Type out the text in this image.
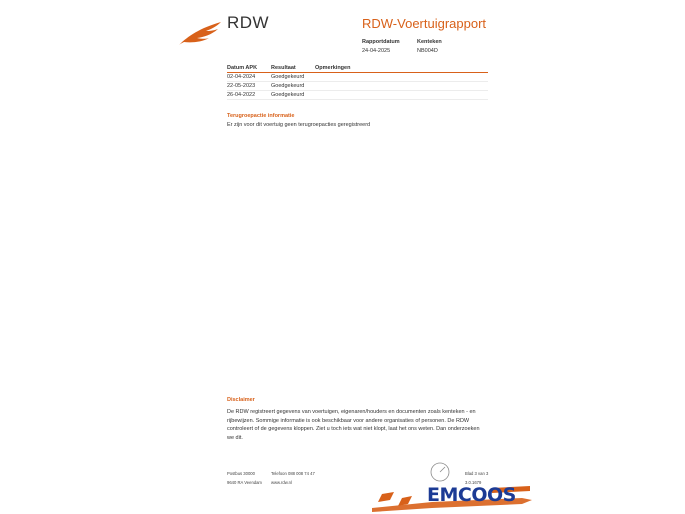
RDW	RDW-Voertuigrapport
Rapportdatum
24-04-2025
Kenteken
NB004D
Datum APK	Resultaat	Opmerkingen
02-04-2024	Goedgekeurd	
22-05-2023	Goedgekeurd	
26-04-2022	Goedgekeurd	
Terugroepactie informatie
Er zijn voor dit voertuig geen terugroepacties geregistreerd
Disclaimer
De RDW registreert gegevens van voertuigen, eigenaren/houders en documenten zoals kenteken - en rijbewijzen. Sommige informatie is ook beschikbaar voor andere organisaties of personen. De RDW controleert of de gegevens kloppen. Ziet u toch iets wat niet klopt, laat het ons weten. Dan onderzoeken we dit.
Postbus 30000
9640 RA Veendam
Telefoon 088 008 74 47
www.rdw.nl
Blad 3 van 3
3.0.1679
EMCOOS
